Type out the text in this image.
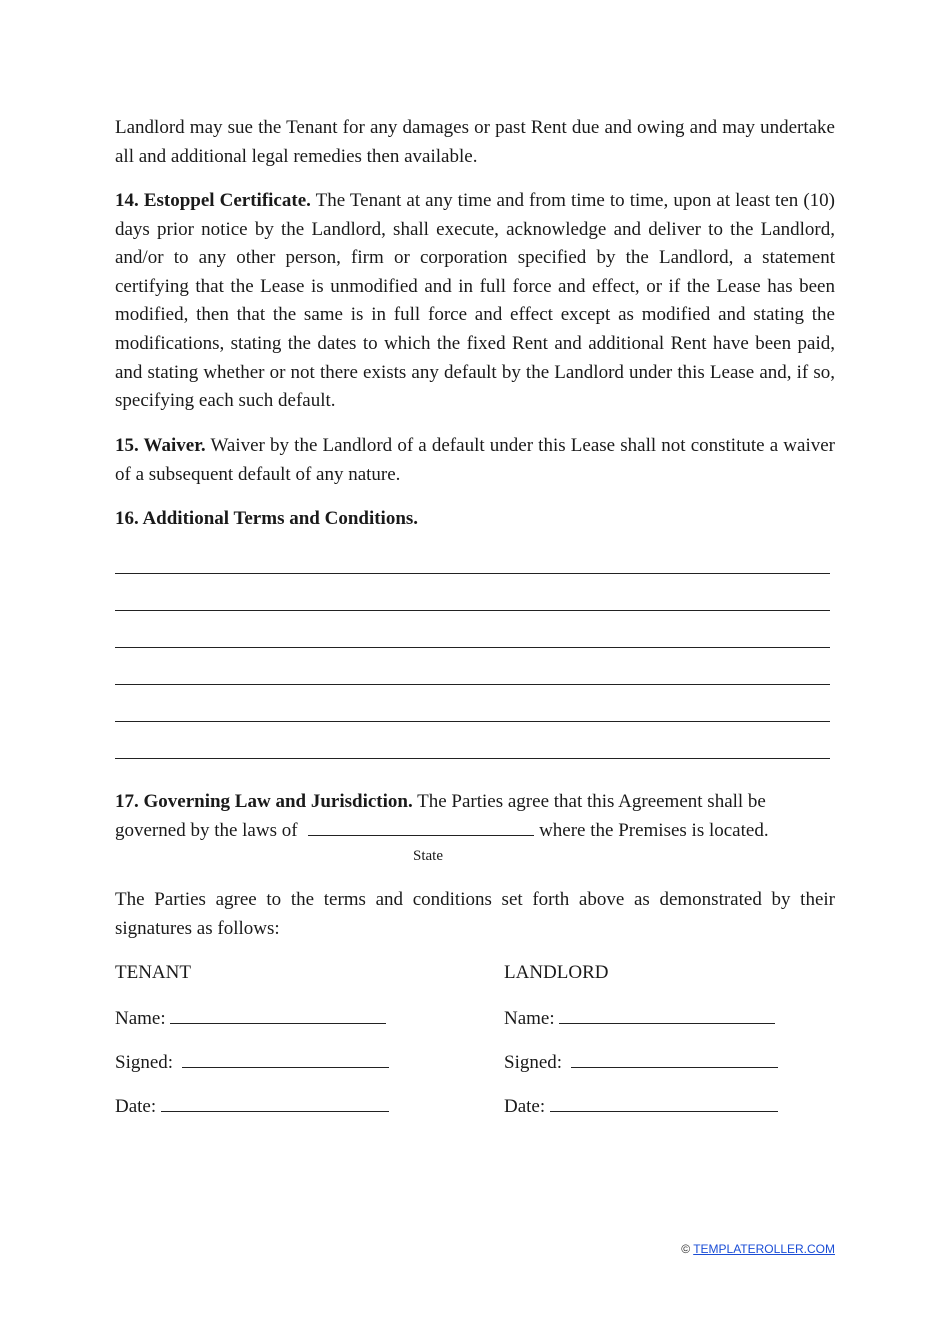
Landlord may sue the Tenant for any damages or past Rent due and owing and may undertake all and additional legal remedies then available.

14. Estoppel Certificate. The Tenant at any time and from time to time, upon at least ten (10) days prior notice by the Landlord, shall execute, acknowledge and deliver to the Landlord, and/or to any other person, firm or corporation specified by the Landlord, a statement certifying that the Lease is unmodified and in full force and effect, or if the Lease has been modified, then that the same is in full force and effect except as modified and stating the modifications, stating the dates to which the fixed Rent and additional Rent have been paid, and stating whether or not there exists any default by the Landlord under this Lease and, if so, specifying each such default.

15. Waiver. Waiver by the Landlord of a default under this Lease shall not constitute a waiver of a subsequent default of any nature.

16. Additional Terms and Conditions.

17. Governing Law and Jurisdiction. The Parties agree that this Agreement shall be governed by the laws of	where the Premises is located.

State

The Parties agree to the terms and conditions set forth above as demonstrated by their signatures as follows:

TENANT
Name:
Signed:
Date:
LANDLORD
Name:
Signed:
Date:
© TEMPLATEROLLER.COM
